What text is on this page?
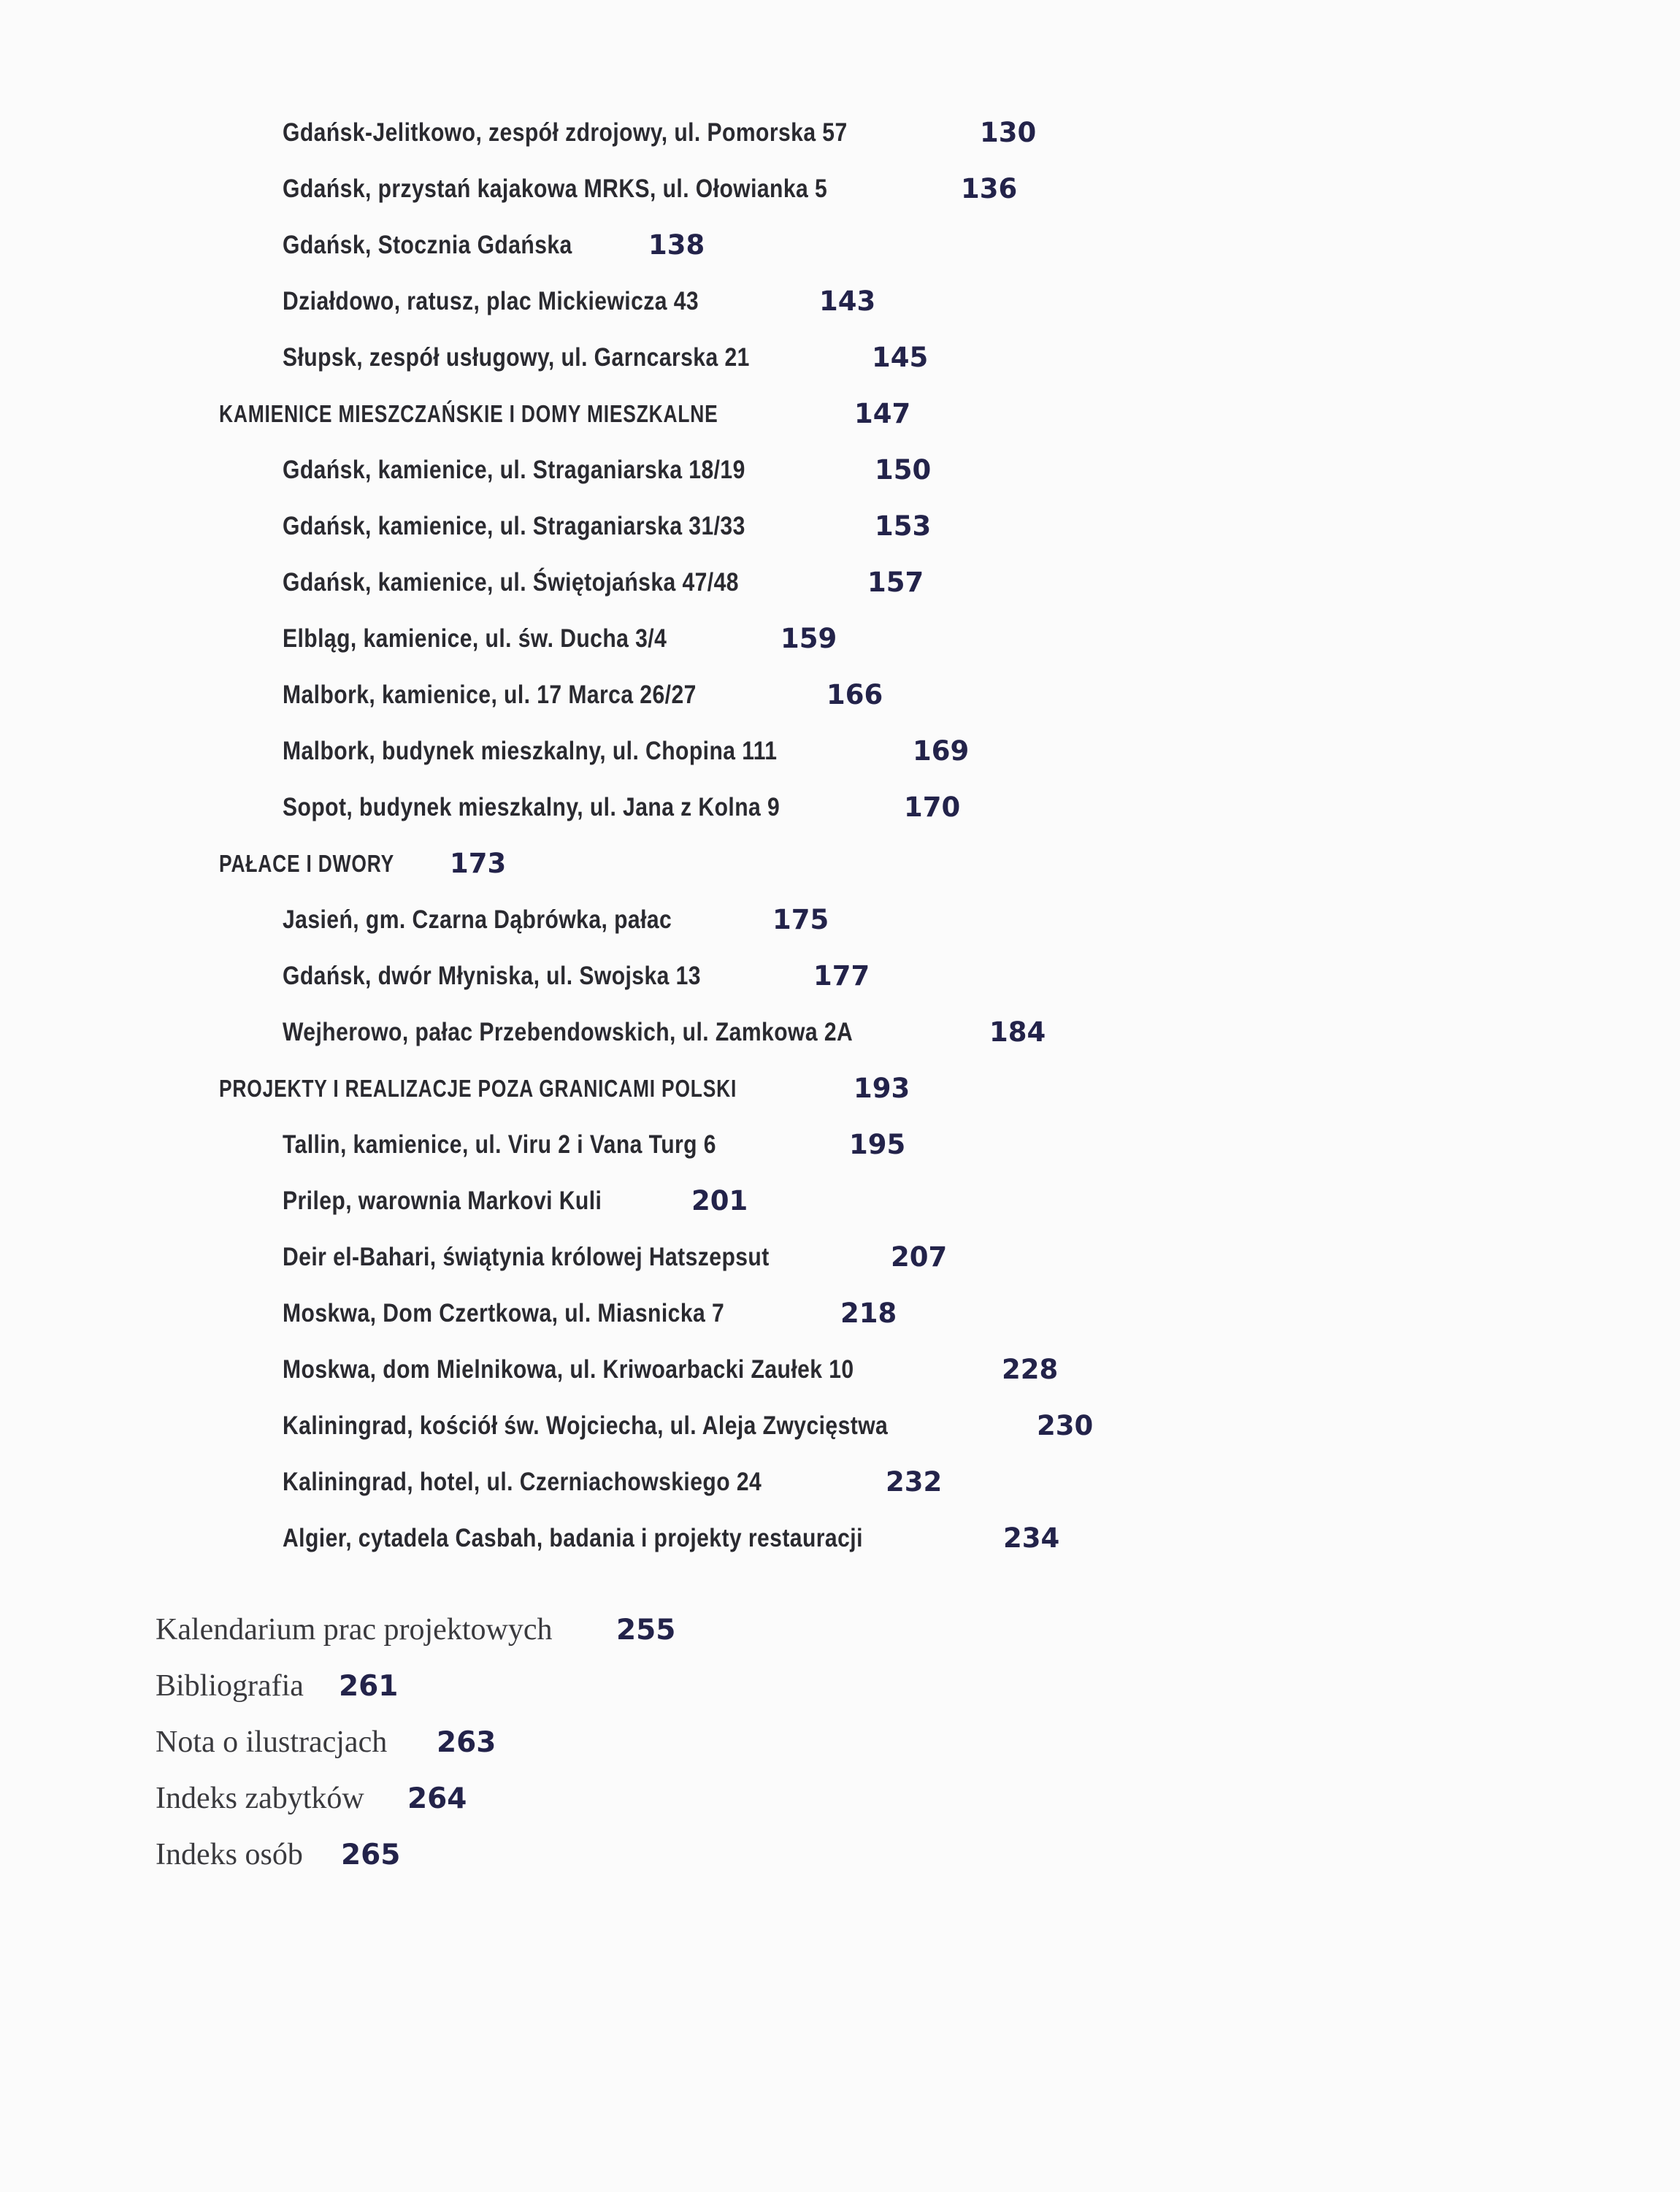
Gdańsk-Jelitkowo, zespół zdrojowy, ul. Pomorska 57	130
Gdańsk, przystań kajakowa MRKS, ul. Ołowianka 5	136
Gdańsk, Stocznia Gdańska	138
Działdowo, ratusz, plac Mickiewicza 43	143
Słupsk, zespół usługowy, ul. Garncarska 21	145
KAMIENICE MIESZCZAŃSKIE I DOMY MIESZKALNE	147
Gdańsk, kamienice, ul. Straganiarska 18/19	150
Gdańsk, kamienice, ul. Straganiarska 31/33	153
Gdańsk, kamienice, ul. Świętojańska 47/48	157
Elbląg, kamienice, ul. św. Ducha 3/4	159
Malbork, kamienice, ul. 17 Marca 26/27	166
Malbork, budynek mieszkalny, ul. Chopina 111	169
Sopot, budynek mieszkalny, ul. Jana z Kolna 9	170
PAŁACE I DWORY 173
Jasień, gm. Czarna Dąbrówka, pałac	175
Gdańsk, dwór Młyniska, ul. Swojska 13	177
Wejherowo, pałac Przebendowskich, ul. Zamkowa 2A	184
PROJEKTY I REALIZACJE POZA GRANICAMI POLSKI	193
Tallin, kamienice, ul. Viru 2 i Vana Turg 6	195
Prilep, warownia Markovi Kuli	201
Deir el-Bahari, świątynia królowej Hatszepsut	207
Moskwa, Dom Czertkowa, ul. Miasnicka 7	218
Moskwa, dom Mielnikowa, ul. Kriwoarbacki Zaułek 10	228
Kaliningrad, kościół św. Wojciecha, ul. Aleja Zwycięstwa	230
Kaliningrad, hotel, ul. Czerniachowskiego 24	232
Algier, cytadela Casbah, badania i projekty restauracji	234
Kalendarium prac projektowych 255
Bibliografia 261
Nota o ilustracjach 263
Indeks zabytków 264
Indeks osób 265
